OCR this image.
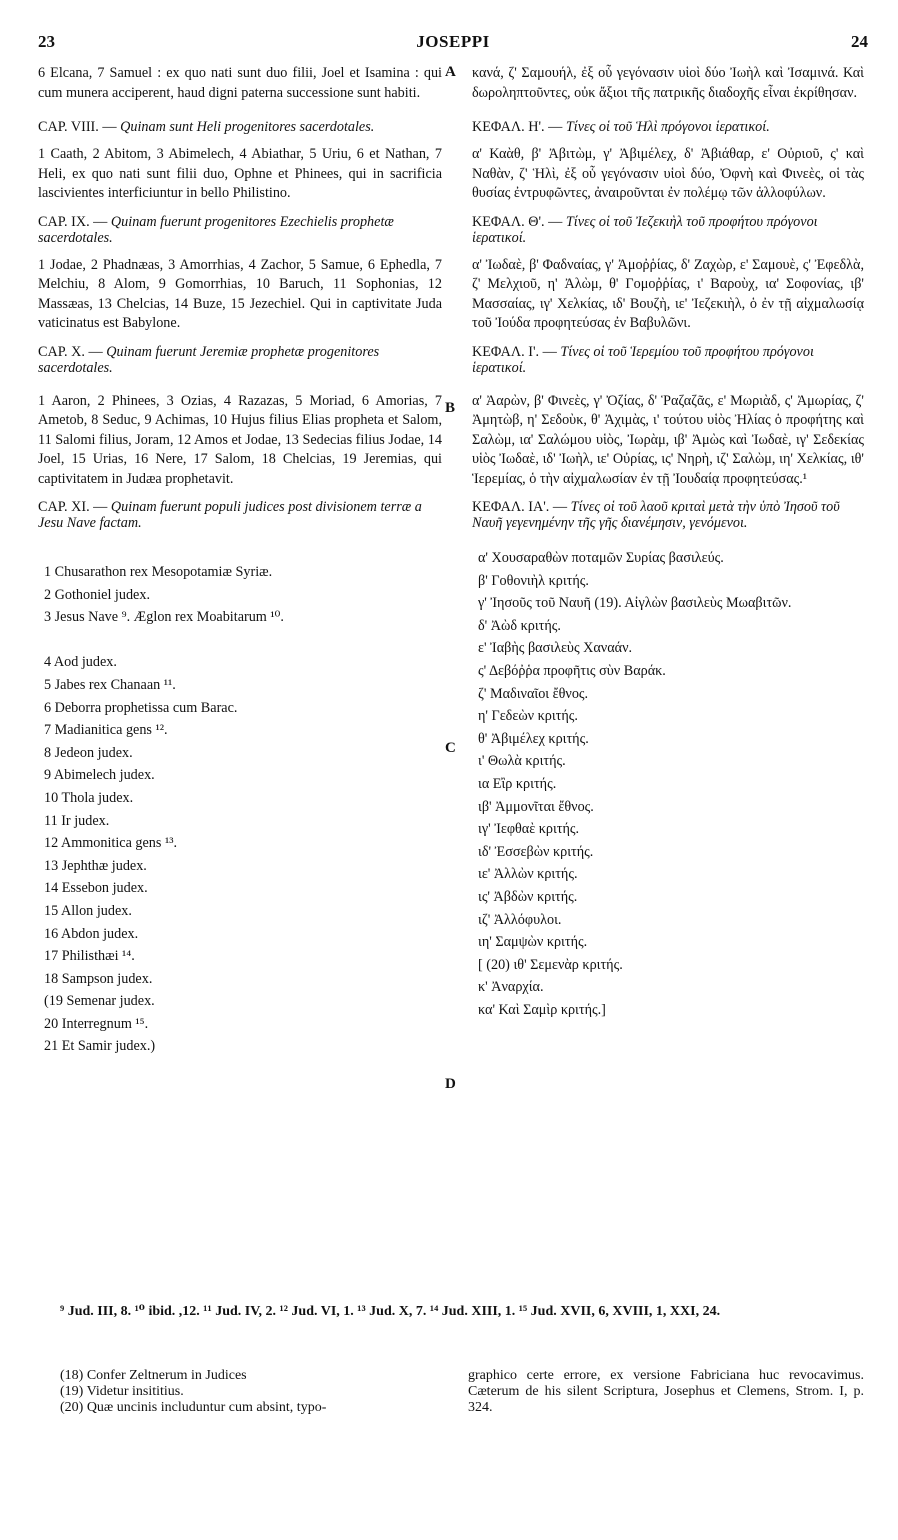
23	JOSEPPI	24

6 Elcana, 7 Samuel : ex quo nati sunt duo filii, Joel et Isamina : qui cum munera acciperent, haud digni paterna successione sunt habiti.

CAP. VIII. — Quinam sunt Heli progenitores sacerdotales.

1 Caath, 2 Abitom, 3 Abimelech, 4 Abiathar, 5 Uriu, 6 et Nathan, 7 Heli, ex quo nati sunt filii duo, Ophne et Phinees, qui in sacrificia lascivientes interficiuntur in bello Philistino.

CAP. IX. — Quinam fuerunt progenitores Ezechielis prophetæ sacerdotales.

1 Jodae, 2 Phadnæas, 3 Amorrhias, 4 Zachor, 5 Samue, 6 Ephedla, 7 Melchiu, 8 Alom, 9 Gomorrhias, 10 Baruch, 11 Sophonias, 12 Massæas, 13 Chelcias, 14 Buze, 15 Jezechiel. Qui in captivitate Juda vaticinatus est Babylone.

CAP. X. — Quinam fuerunt Jeremiæ prophetæ progenitores sacerdotales.

1 Aaron, 2 Phinees, 3 Ozias, 4 Razazas, 5 Moriad, 6 Amorias, 7 Ametob, 8 Seduc, 9 Achimas, 10 Hujus filius Elias propheta et Salom, 11 Salomi filius, Joram, 12 Amos et Jodae, 13 Sedecias filius Jodae, 14 Joel, 15 Urias, 16 Nere, 17 Salom, 18 Chelcias, 19 Jeremias, qui captivitatem in Judæa prophetavit.

CAP. XI. — Quinam fuerunt populi judices post divisionem terræ a Jesu Nave factam.

1 Chusarathon rex Mesopotamiæ Syriæ.
2 Gothoniel judex.
3 Jesus Nave ⁹. Æglon rex Moabitarum ¹⁰.

4 Aod judex.
5 Jabes rex Chanaan ¹¹.
6 Deborra prophetissa cum Barac.
7 Madianitica gens ¹².
8 Jedeon judex.
9 Abimelech judex.
10 Thola judex.
11 Ir judex.
12 Ammonitica gens ¹³.
13 Jephthæ judex.
14 Essebon judex.
15 Allon judex.
16 Abdon judex.
17 Philisthæi ¹⁴.
18 Sampson judex.
(19 Semenar judex.
20 Interregnum ¹⁵.
21 Et Samir judex.)
A
B
C
D

κανά, ζ' Σαμουήλ, ἐξ οὗ γεγόνασιν υἱοὶ δύο Ἰωὴλ καὶ Ἰσαμινά. Καὶ δωροληπτοῦντες, οὐκ ἄξιοι τῆς πατρικῆς διαδοχῆς εἶναι ἐκρίθησαν.

ΚΕΦΑΛ. Η'. — Τίνες οἱ τοῦ Ἡλὶ πρόγονοι ἱερατικοί.

α' Καὰθ, β' Ἀβιτὼμ, γ' Ἀβιμέλεχ, δ' Ἀβιάθαρ, ε' Οὐριοῦ, ς' καὶ Ναθὰν, ζ' Ἡλὶ, ἐξ οὗ γεγόνασιν υἱοὶ δύο, Ὀφνὴ καὶ Φινεὲς, οἱ τὰς θυσίας ἐντρυφῶντες, ἀναιροῦνται ἐν πολέμῳ τῶν ἀλλοφύλων.

ΚΕΦΑΛ. Θ'. — Τίνες οἱ τοῦ Ἰεζεκιὴλ τοῦ προφήτου πρόγονοι ἱερατικοί.

α' Ἰωδαὲ, β' Φαδναίας, γ' Ἀμοῤῥίας, δ' Ζαχὼρ, ε' Σαμουὲ, ς' Ἐφεδλὰ, ζ' Μελχιοῦ, η' Ἀλὼμ, θ' Γομοῤῥίας, ι' Βαροὺχ, ια' Σοφονίας, ιβ' Μασσαίας, ιγ' Χελκίας, ιδ' Βουζὴ, ιε' Ἰεζεκιὴλ, ὁ ἐν τῇ αἰχμαλωσίᾳ τοῦ Ἰούδα προφητεύσας ἐν Βαβυλῶνι.

ΚΕΦΑΛ. Ι'. — Τίνες οἱ τοῦ Ἱερεμίου τοῦ προφήτου πρόγονοι ἱερατικοί.

α' Ἀαρὼν, β' Φινεὲς, γ' Ὀζίας, δ' Ῥαζαζᾶς, ε' Μωριὰδ, ς' Ἀμωρίας, ζ' Ἀμητὼβ, η' Σεδοὺκ, θ' Ἀχιμὰς, ι' τούτου υἱὸς Ἠλίας ὁ προφήτης καὶ Σαλὼμ, ια' Σαλώμου υἱὸς, Ἰωρὰμ, ιβ' Ἀμὼς καὶ Ἰωδαὲ, ιγ' Σεδεκίας υἱὸς Ἰωδαὲ, ιδ' Ἰωὴλ, ιε' Οὐρίας, ις' Νηρὴ, ιζ' Σαλὼμ, ιη' Χελκίας, ιθ' Ἱερεμίας, ὁ τὴν αἰχμαλωσίαν ἐν τῇ Ἰουδαίᾳ προφητεύσας.¹

ΚΕΦΑΛ. ΙΑ'. — Τίνες οἱ τοῦ λαοῦ κριταὶ μετὰ τὴν ὑπὸ Ἰησοῦ τοῦ Ναυῆ γεγενημένην τῆς γῆς διανέμησιν, γενόμενοι.

α' Χουσαραθὼν ποταμῶν Συρίας βασιλεύς.
β' Γοθονιὴλ κριτής.
γ' Ἰησοῦς τοῦ Ναυῆ (19). Αἰγλὼν βασιλεὺς Μωαβιτῶν.
δ' Ἀὼδ κριτής.
ε' Ἰαβὴς βασιλεὺς Χαναάν.
ς' Δεβόῤῥα προφῆτις σὺν Βαράκ.
ζ' Μαδιναῖοι ἔθνος.
η' Γεδεὼν κριτής.
θ' Ἀβιμέλεχ κριτής.
ι' Θωλὰ κριτής.
ια Εἲρ κριτής.
ιβ' Ἀμμονῖται ἔθνος.
ιγ' Ἰεφθαὲ κριτής.
ιδ' Ἐσσεβὼν κριτής.
ιε' Ἀλλὼν κριτής.
ις' Ἀβδὼν κριτής.
ιζ' Ἀλλόφυλοι.
ιη' Σαμψὼν κριτής.
[ (20) ιθ' Σεμενὰρ κριτής.
κ' Ἀναρχία.
κα' Καὶ Σαμὶρ κριτής.]
⁹ Jud. III, 8. ¹⁰ ibid. ,12. ¹¹ Jud. IV, 2. ¹² Jud. VI, 1. ¹³ Jud. X, 7. ¹⁴ Jud. XIII, 1. ¹⁵ Jud. XVII, 6, XVIII, 1, XXI, 24.
(18) Confer Zeltnerum in Judices
(19) Videtur insititius.
(20) Quæ uncinis includuntur cum absint, typo-
graphico certe errore, ex versione Fabriciana huc revocavimus. Cæterum de his silent Scriptura, Josephus et Clemens, Strom. I, p. 324.
